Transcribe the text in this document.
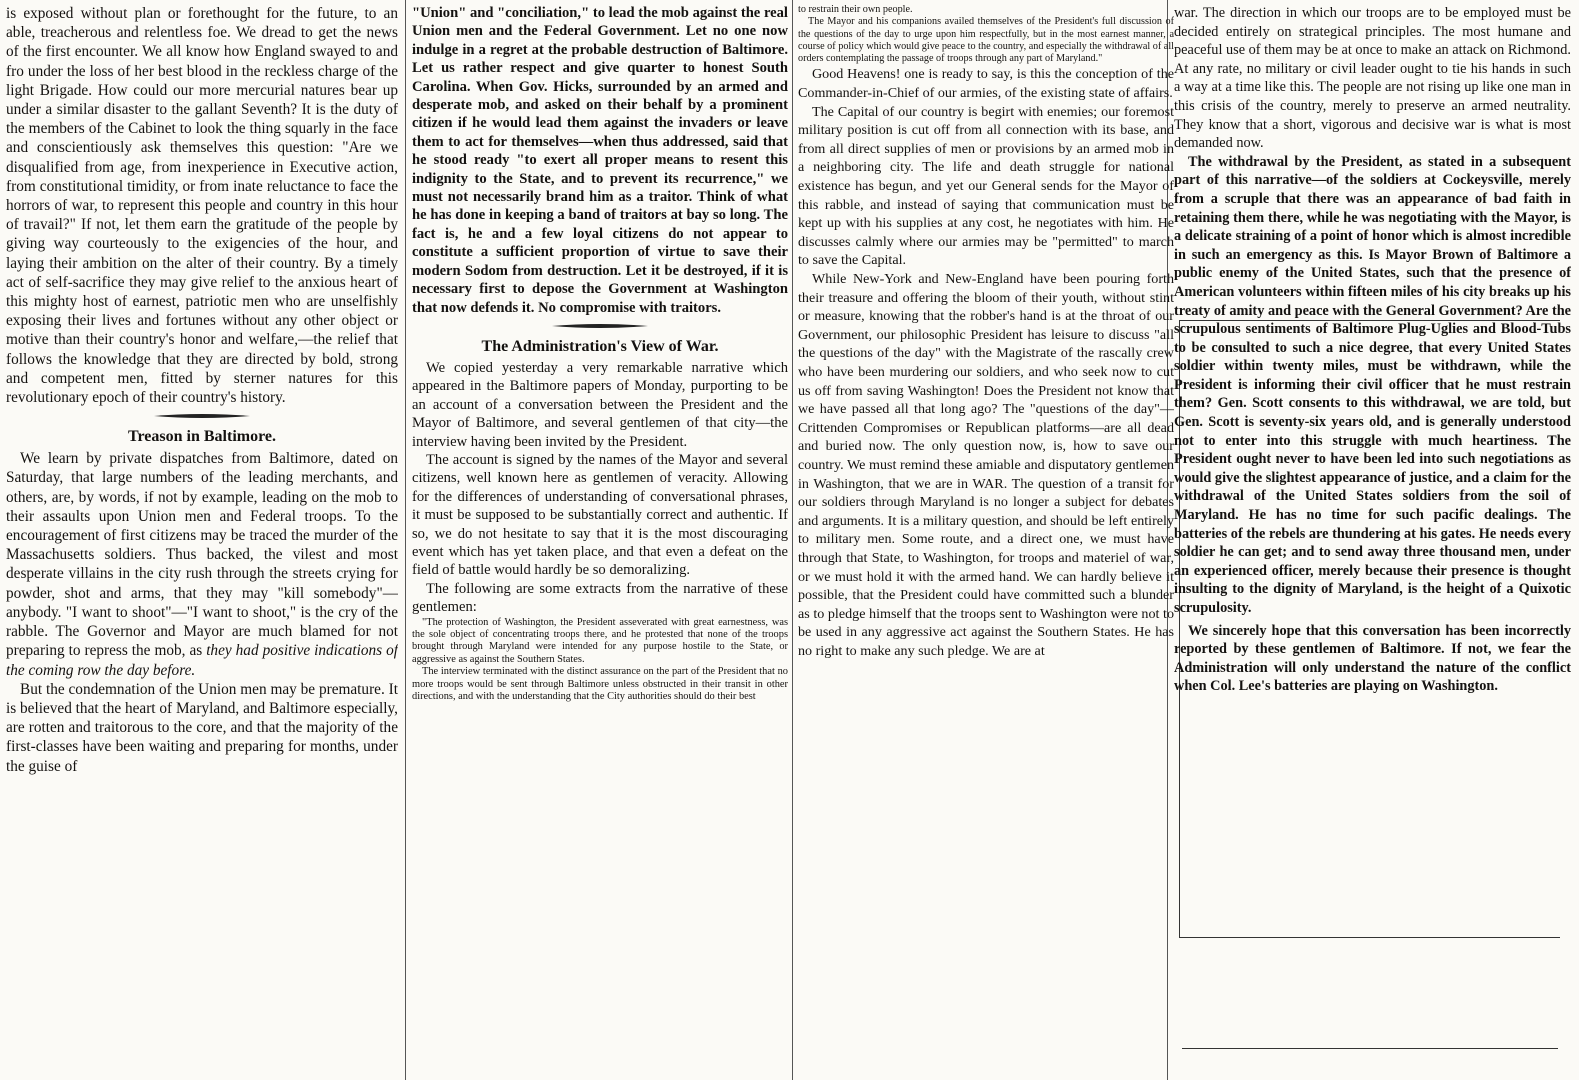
is exposed without plan or forethought for the future, to an able, treacherous and relentless foe. We dread to get the news of the first encounter. We all know how England swayed to and fro under the loss of her best blood in the reckless charge of the light Brigade. How could our more mercurial natures bear up under a similar disaster to the gallant Seventh? It is the duty of the members of the Cabinet to look the thing squarly in the face and conscientiously ask themselves this question: "Are we disqualified from age, from inexperience in Executive action, from constitutional timidity, or from inate reluctance to face the horrors of war, to represent this people and country in this hour of travail?" If not, let them earn the gratitude of the people by giving way courteously to the exigencies of the hour, and laying their ambition on the alter of their country. By a timely act of self-sacrifice they may give relief to the anxious heart of this mighty host of earnest, patriotic men who are unselfishly exposing their lives and fortunes without any other object or motive than their country's honor and welfare,—the relief that follows the knowledge that they are directed by bold, strong and competent men, fitted by sterner natures for this revolutionary epoch of their country's history.

Treason in Baltimore.

We learn by private dispatches from Baltimore, dated on Saturday, that large numbers of the leading merchants, and others, are, by words, if not by example, leading on the mob to their assaults upon Union men and Federal troops. To the encouragement of first citizens may be traced the murder of the Massachusetts soldiers. Thus backed, the vilest and most desperate villains in the city rush through the streets crying for powder, shot and arms, that they may "kill somebody"—anybody. "I want to shoot"—"I want to shoot," is the cry of the rabble. The Governor and Mayor are much blamed for not preparing to repress the mob, as they had positive indications of the coming row the day before.

But the condemnation of the Union men may be premature. It is believed that the heart of Maryland, and Baltimore especially, are rotten and traitorous to the core, and that the majority of the first-classes have been waiting and preparing for months, under the guise of

"Union" and "conciliation," to lead the mob against the real Union men and the Federal Government. Let no one now indulge in a regret at the probable destruction of Baltimore. Let us rather respect and give quarter to honest South Carolina. When Gov. Hicks, surrounded by an armed and desperate mob, and asked on their behalf by a prominent citizen if he would lead them against the invaders or leave them to act for themselves—when thus addressed, said that he stood ready "to exert all proper means to resent this indignity to the State, and to prevent its recurrence," we must not necessarily brand him as a traitor. Think of what he has done in keeping a band of traitors at bay so long. The fact is, he and a few loyal citizens do not appear to constitute a sufficient proportion of virtue to save their modern Sodom from destruction. Let it be destroyed, if it is necessary first to depose the Government at Washington that now defends it. No compromise with traitors.

The Administration's View of War.

We copied yesterday a very remarkable narrative which appeared in the Baltimore papers of Monday, purporting to be an account of a conversation between the President and the Mayor of Baltimore, and several gentlemen of that city—the interview having been invited by the President.

The account is signed by the names of the Mayor and several citizens, well known here as gentlemen of veracity. Allowing for the differences of understanding of conversational phrases, it must be supposed to be substantially correct and authentic. If so, we do not hesitate to say that it is the most discouraging event which has yet taken place, and that even a defeat on the field of battle would hardly be so demoralizing.

The following are some extracts from the narrative of these gentlemen:

"The protection of Washington, the President asseverated with great earnestness, was the sole object of concentrating troops there, and he protested that none of the troops brought through Maryland were intended for any purpose hostile to the State, or aggressive as against the Southern States.

The interview terminated with the distinct assurance on the part of the President that no more troops would be sent through Baltimore unless obstructed in their transit in other directions, and with the understanding that the City authorities should do their best

to restrain their own people.

The Mayor and his companions availed themselves of the President's full discussion of the questions of the day to urge upon him respectfully, but in the most earnest manner, a course of policy which would give peace to the country, and especially the withdrawal of all orders contemplating the passage of troops through any part of Maryland."

Good Heavens! one is ready to say, is this the conception of the Commander-in-Chief of our armies, of the existing state of affairs.

The Capital of our country is begirt with enemies; our foremost military position is cut off from all connection with its base, and from all direct supplies of men or provisions by an armed mob in a neighboring city. The life and death struggle for national existence has begun, and yet our General sends for the Mayor of this rabble, and instead of saying that communication must be kept up with his supplies at any cost, he negotiates with him. He discusses calmly where our armies may be "permitted" to march to save the Capital.

While New-York and New-England have been pouring forth their treasure and offering the bloom of their youth, without stint or measure, knowing that the robber's hand is at the throat of our Government, our philosophic President has leisure to discuss "all the questions of the day" with the Magistrate of the rascally crew who have been murdering our soldiers, and who seek now to cut us off from saving Washington! Does the President not know that we have passed all that long ago? The "questions of the day"—Crittenden Compromises or Republican platforms—are all dead and buried now. The only question now, is, how to save our country. We must remind these amiable and disputatory gentlemen in Washington, that we are in WAR. The question of a transit for our soldiers through Maryland is no longer a subject for debates and arguments. It is a military question, and should be left entirely to military men. Some route, and a direct one, we must have through that State, to Washington, for troops and materiel of war, or we must hold it with the armed hand. We can hardly believe it possible, that the President could have committed such a blunder as to pledge himself that the troops sent to Washington were not to be used in any aggressive act against the Southern States. He has no right to make any such pledge. We are at

war. The direction in which our troops are to be employed must be decided entirely on strategical principles. The most humane and peaceful use of them may be at once to make an attack on Richmond. At any rate, no military or civil leader ought to tie his hands in such a way at a time like this. The people are not rising up like one man in this crisis of the country, merely to preserve an armed neutrality. They know that a short, vigorous and decisive war is what is most demanded now.

The withdrawal by the President, as stated in a subsequent part of this narrative—of the soldiers at Cockeysville, merely from a scruple that there was an appearance of bad faith in retaining them there, while he was negotiating with the Mayor, is a delicate straining of a point of honor which is almost incredible in such an emergency as this. Is Mayor Brown of Baltimore a public enemy of the United States, such that the presence of American volunteers within fifteen miles of his city breaks up his treaty of amity and peace with the General Government? Are the scrupulous sentiments of Baltimore Plug-Uglies and Blood-Tubs to be consulted to such a nice degree, that every United States soldier within twenty miles, must be withdrawn, while the President is informing their civil officer that he must restrain them? Gen. Scott consents to this withdrawal, we are told, but Gen. Scott is seventy-six years old, and is generally understood not to enter into this struggle with much heartiness. The President ought never to have been led into such negotiations as would give the slightest appearance of justice, and a claim for the withdrawal of the United States soldiers from the soil of Maryland. He has no time for such pacific dealings. The batteries of the rebels are thundering at his gates. He needs every soldier he can get; and to send away three thousand men, under an experienced officer, merely because their presence is thought insulting to the dignity of Maryland, is the height of a Quixotic scrupulosity.

We sincerely hope that this conversation has been incorrectly reported by these gentlemen of Baltimore. If not, we fear the Administration will only understand the nature of the conflict when Col. Lee's batteries are playing on Washington.
